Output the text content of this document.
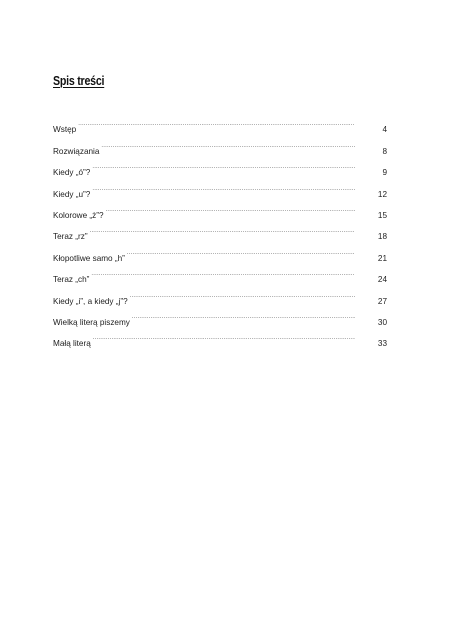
Spis treści
Wstęp .....	4
Rozwiązania .....	8
Kiedy „ó”? .....	9
Kiedy „u”? .....	12
Kolorowe „ż”? .....	15
Teraz „rz” .....	18
Kłopotliwe samo „h” .....	21
Teraz „ch” .....	24
Kiedy „i”, a kiedy „j”? .....	27
Wielką literą piszemy .....	30
Małą literą .....	33
